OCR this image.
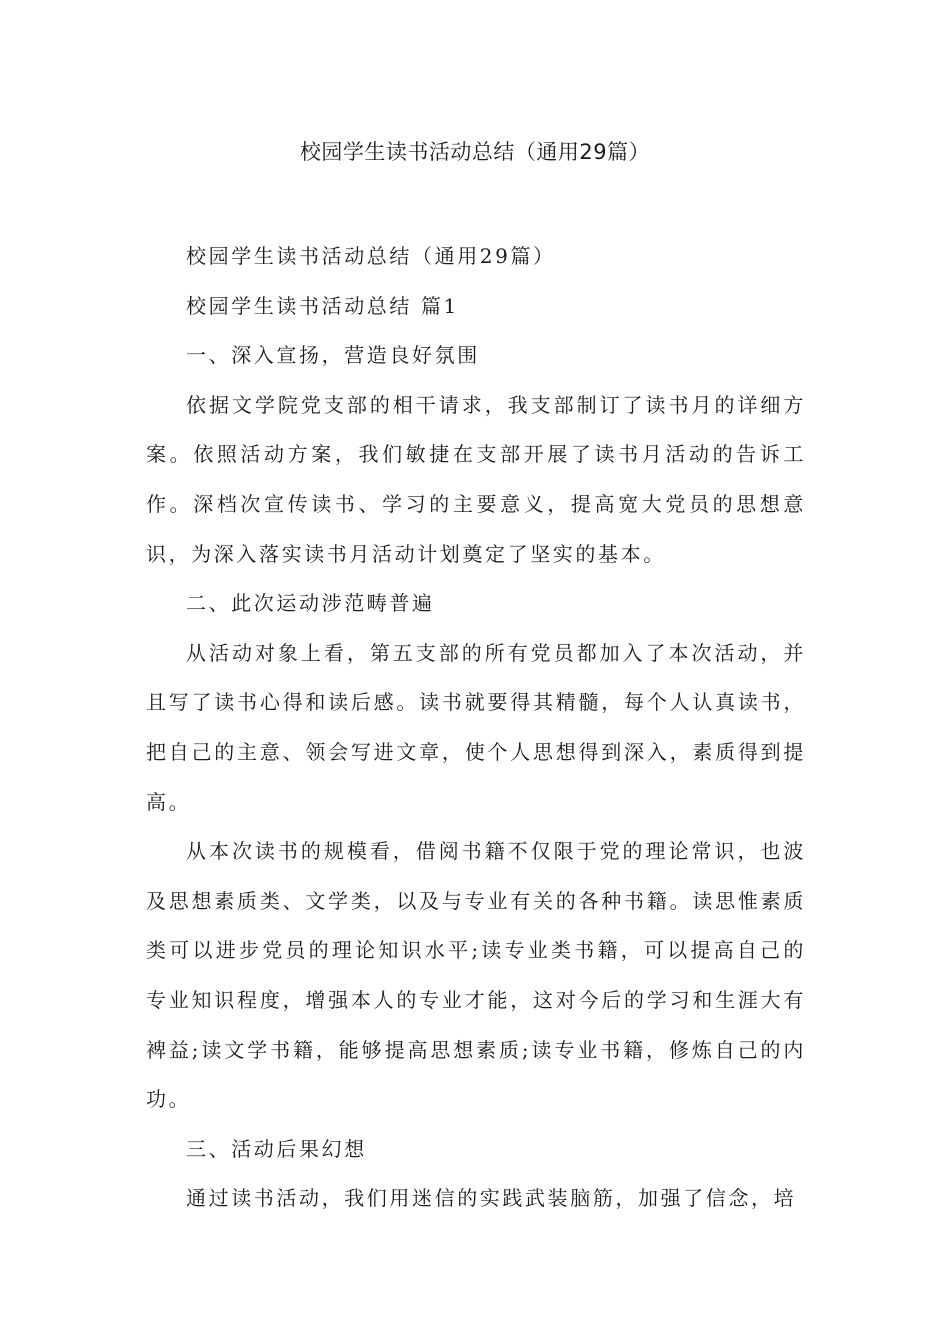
校园学生读书活动总结（通用29篇）

校园学生读书活动总结（通用29篇）

校园学生读书活动总结 篇1

一、深入宣扬，营造良好氛围

依据文学院党支部的相干请求，我支部制订了读书月的详细方案。依照活动方案，我们敏捷在支部开展了读书月活动的告诉工作。深档次宣传读书、学习的主要意义，提高宽大党员的思想意识，为深入落实读书月活动计划奠定了坚实的基本。

二、此次运动涉范畴普遍

从活动对象上看，第五支部的所有党员都加入了本次活动，并且写了读书心得和读后感。读书就要得其精髓，每个人认真读书，把自己的主意、领会写进文章，使个人思想得到深入，素质得到提高。

从本次读书的规模看，借阅书籍不仅限于党的理论常识，也波及思想素质类、文学类，以及与专业有关的各种书籍。读思惟素质类可以进步党员的理论知识水平;读专业类书籍，可以提高自己的专业知识程度，增强本人的专业才能，这对今后的学习和生涯大有裨益;读文学书籍，能够提高思想素质;读专业书籍，修炼自己的内功。

三、活动后果幻想

通过读书活动，我们用迷信的实践武装脑筋，加强了信念，培
